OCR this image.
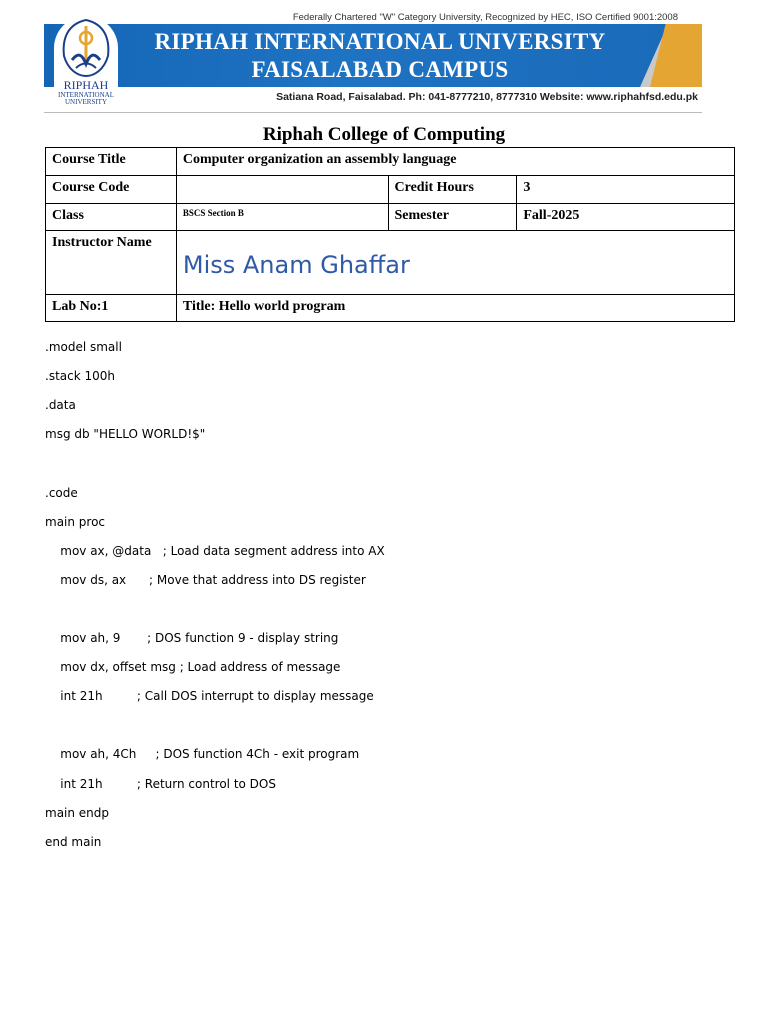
Federally Chartered "W" Category University, Recognized by HEC, ISO Certified 9001:2008
RIPHAH INTERNATIONAL UNIVERSITY
FAISALABAD CAMPUS
RIPHAH
INTERNATIONAL
UNIVERSITY	Satiana Road, Faisalabad. Ph: 041-8777210, 8777310 Website: www.riphahfsd.edu.pk
Riphah College of Computing
Course Title	Computer organization an assembly language		
Course Code		Credit Hours	3
Class	BSCS Section B	Semester	Fall-2025
Instructor Name	Miss Anam Ghaffar		

Lab No:1	Title: Hello world program		
.model small
.stack 100h
.data
msg db "HELLO WORLD!$"
.code
main proc
mov ax, @data   ; Load data segment address into AX
mov ds, ax      ; Move that address into DS register
mov ah, 9       ; DOS function 9 - display string
mov dx, offset msg ; Load address of message
int 21h         ; Call DOS interrupt to display message
mov ah, 4Ch     ; DOS function 4Ch - exit program
int 21h         ; Return control to DOS
main endp
end main
